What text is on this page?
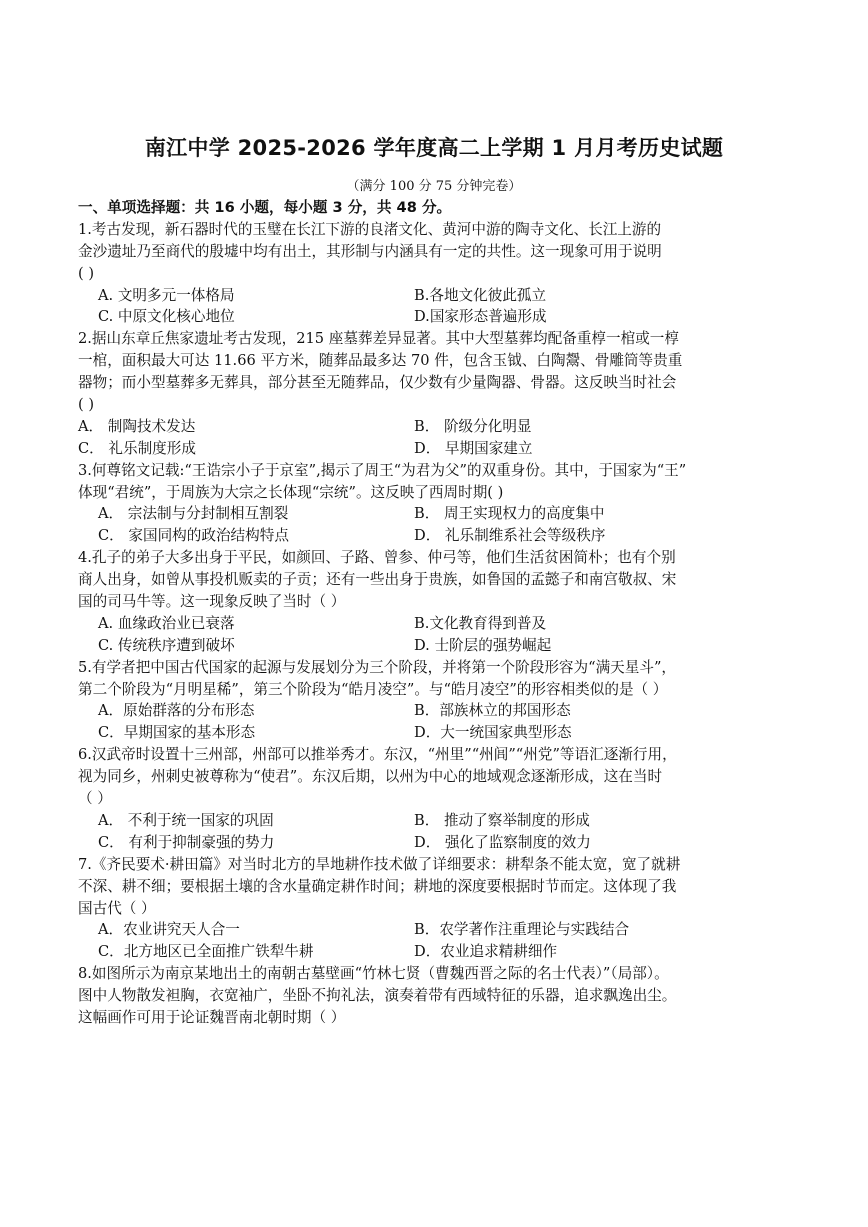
南江中学 2025-2026 学年度高二上学期 1 月月考历史试题
（满分 100 分 75 分钟完卷）
一、单项选择题：共 16 小题，每小题 3 分，共 48 分。
1.考古发现，新石器时代的玉璧在长江下游的良渚文化、黄河中游的陶寺文化、长江上游的
金沙遗址乃至商代的殷墟中均有出土，其形制与内涵具有一定的共性。这一现象可用于说明
( )
A. 文明多元一体格局	B.各地文化彼此孤立
C. 中原文化核心地位	D.国家形态普遍形成
2.据山东章丘焦家遗址考古发现，215 座墓葬差异显著。其中大型墓葬均配备重椁一棺或一椁
一棺，面积最大可达 11.66 平方米，随葬品最多达 70 件，包含玉钺、白陶鬶、骨雕筒等贵重
器物；而小型墓葬多无葬具，部分甚至无随葬品，仅少数有少量陶器、骨器。这反映当时社会
( )
A． 制陶技术发达	B． 阶级分化明显
C． 礼乐制度形成	D． 早期国家建立
3.何尊铭文记载:“王诰宗小子于京室”,揭示了周王“为君为父”的双重身份。其中，于国家为“王”
体现“君统”，于周族为大宗之长体现“宗统”。这反映了西周时期( )
A． 宗法制与分封制相互割裂	B． 周王实现权力的高度集中
C． 家国同构的政治结构特点	D． 礼乐制维系社会等级秩序
4.孔子的弟子大多出身于平民，如颜回、子路、曾参、仲弓等，他们生活贫困简朴；也有个别
商人出身，如曾从事投机贩卖的子贡；还有一些出身于贵族，如鲁国的孟懿子和南宫敬叔、宋
国的司马牛等。这一现象反映了当时（ ）
A. 血缘政治业已衰落	B.文化教育得到普及
C. 传统秩序遭到破坏	D. 士阶层的强势崛起
5.有学者把中国古代国家的起源与发展划分为三个阶段，并将第一个阶段形容为“满天星斗”，
第二个阶段为“月明星稀”，第三个阶段为“皓月凌空”。与“皓月凌空”的形容相类似的是（ ）
A．原始群落的分布形态	B．部族林立的邦国形态
C．早期国家的基本形态	D．大一统国家典型形态
6.汉武帝时设置十三州部，州部可以推举秀才。东汉，“州里”“州闾”“州党”等语汇逐渐行用，
视为同乡，州刺史被尊称为“使君”。东汉后期，以州为中心的地域观念逐渐形成，这在当时
（ ）
A． 不利于统一国家的巩固	B． 推动了察举制度的形成
C． 有利于抑制豪强的势力	D． 强化了监察制度的效力
7.《齐民要术·耕田篇》对当时北方的旱地耕作技术做了详细要求：耕犁条不能太宽，宽了就耕
不深、耕不细；要根据土壤的含水量确定耕作时间；耕地的深度要根据时节而定。这体现了我
国古代（ ）
A．农业讲究天人合一	B．农学著作注重理论与实践结合
C．北方地区已全面推广铁犁牛耕	D．农业追求精耕细作
8.如图所示为南京某地出土的南朝古墓壁画“竹林七贤（曹魏西晋之际的名士代表）”（局部）。
图中人物散发袒胸，衣宽袖广，坐卧不拘礼法，演奏着带有西域特征的乐器，追求飘逸出尘。
这幅画作可用于论证魏晋南北朝时期（ ）
